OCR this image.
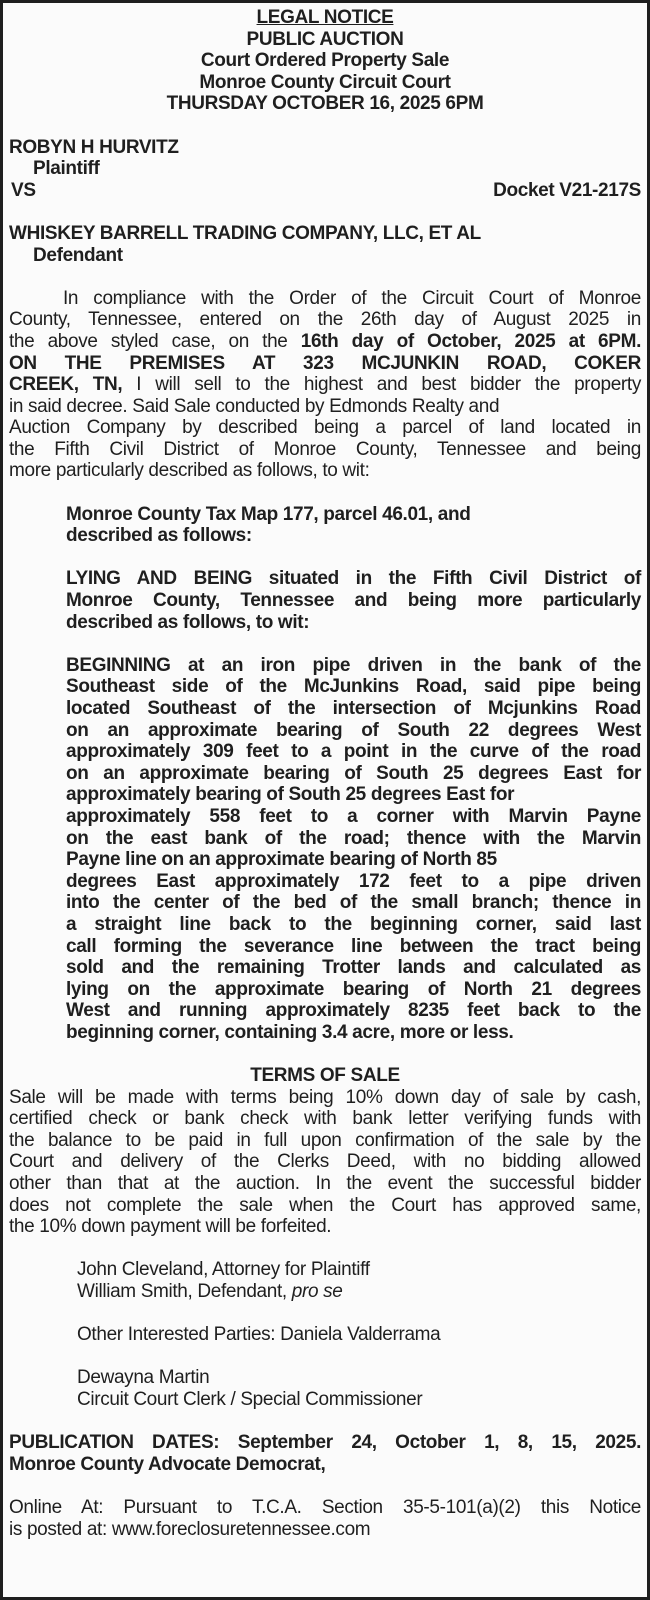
LEGAL NOTICE
PUBLIC AUCTION
Court Ordered Property Sale
Monroe County Circuit Court
THURSDAY OCTOBER 16, 2025 6PM
ROBYN H HURVITZ
Plaintiff
VS	Docket V21-217S
WHISKEY BARRELL TRADING COMPANY, LLC, ET AL
Defendant
In compliance with the Order of the Circuit Court of Monroe
County, Tennessee, entered on the 26th day of August 2025 in
the above styled case, on the 16th day of October, 2025 at 6PM.
ON THE PREMISES AT 323 MCJUNKIN ROAD, COKER
CREEK, TN, I will sell to the highest and best bidder the property
in said decree. Said Sale conducted by Edmonds Realty and
Auction Company by described being a parcel of land located in
the Fifth Civil District of Monroe County, Tennessee and being
more particularly described as follows, to wit:
Monroe County Tax Map 177, parcel 46.01, and
described as follows:
LYING AND BEING situated in the Fifth Civil District of
Monroe County, Tennessee and being more particularly
described as follows, to wit:
BEGINNING at an iron pipe driven in the bank of the
Southeast side of the McJunkins Road, said pipe being
located Southeast of the intersection of Mcjunkins Road
on an approximate bearing of South 22 degrees West
approximately 309 feet to a point in the curve of the road
on an approximate bearing of South 25 degrees East for
approximately bearing of South 25 degrees East for
approximately 558 feet to a corner with Marvin Payne
on the east bank of the road; thence with the Marvin
Payne line on an approximate bearing of North 85
degrees East approximately 172 feet to a pipe driven
into the center of the bed of the small branch; thence in
a straight line back to the beginning corner, said last
call forming the severance line between the tract being
sold and the remaining Trotter lands and calculated as
lying on the approximate bearing of North 21 degrees
West and running approximately 8235 feet back to the
beginning corner, containing 3.4 acre, more or less.
TERMS OF SALE
Sale will be made with terms being 10% down day of sale by cash,
certified check or bank check with bank letter verifying funds with
the balance to be paid in full upon confirmation of the sale by the
Court and delivery of the Clerks Deed, with no bidding allowed
other than that at the auction. In the event the successful bidder
does not complete the sale when the Court has approved same,
the 10% down payment will be forfeited.
John Cleveland, Attorney for Plaintiff
William Smith, Defendant, pro se
Other Interested Parties: Daniela Valderrama
Dewayna Martin
Circuit Court Clerk / Special Commissioner
PUBLICATION DATES: September 24, October 1, 8, 15, 2025.
Monroe County Advocate Democrat,
Online At: Pursuant to T.C.A. Section 35-5-101(a)(2) this Notice
is posted at: www.foreclosuretennessee.com
